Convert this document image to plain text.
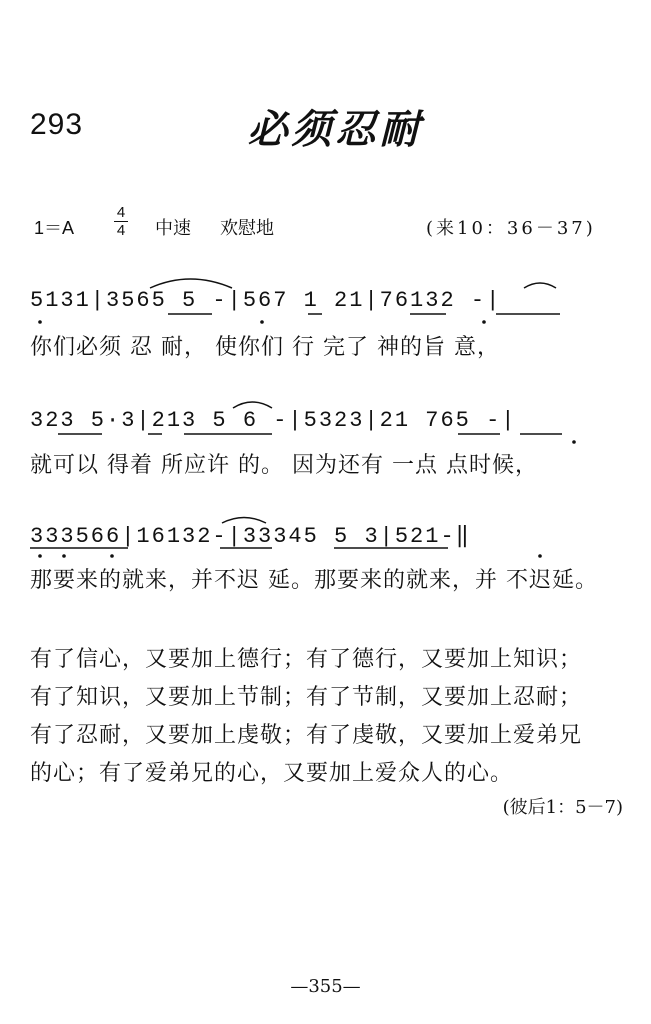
293	必须忍耐
1＝A
4
4 中速 欢慰地	(来10：36－37)
5131|3565 5 -|567 1 21|76132 -|
你们必须 忍 耐， 使你们 行 完了 神的旨 意，
323 5·3|213 5 6 -|5323|21 765 -|
就可以 得着 所应许 的。 因为还有 一点 点时候，
333566|16132-|33345 5 3|521-‖
那要来的就来，并不迟 延。那要来的就来，并 不迟延。
有了信心，又要加上德行；有了德行，又要加上知识；
有了知识，又要加上节制；有了节制，又要加上忍耐；
有了忍耐，又要加上虔敬；有了虔敬，又要加上爱弟兄
的心；有了爱弟兄的心，又要加上爱众人的心。
(彼后1：5－7)
—355—
